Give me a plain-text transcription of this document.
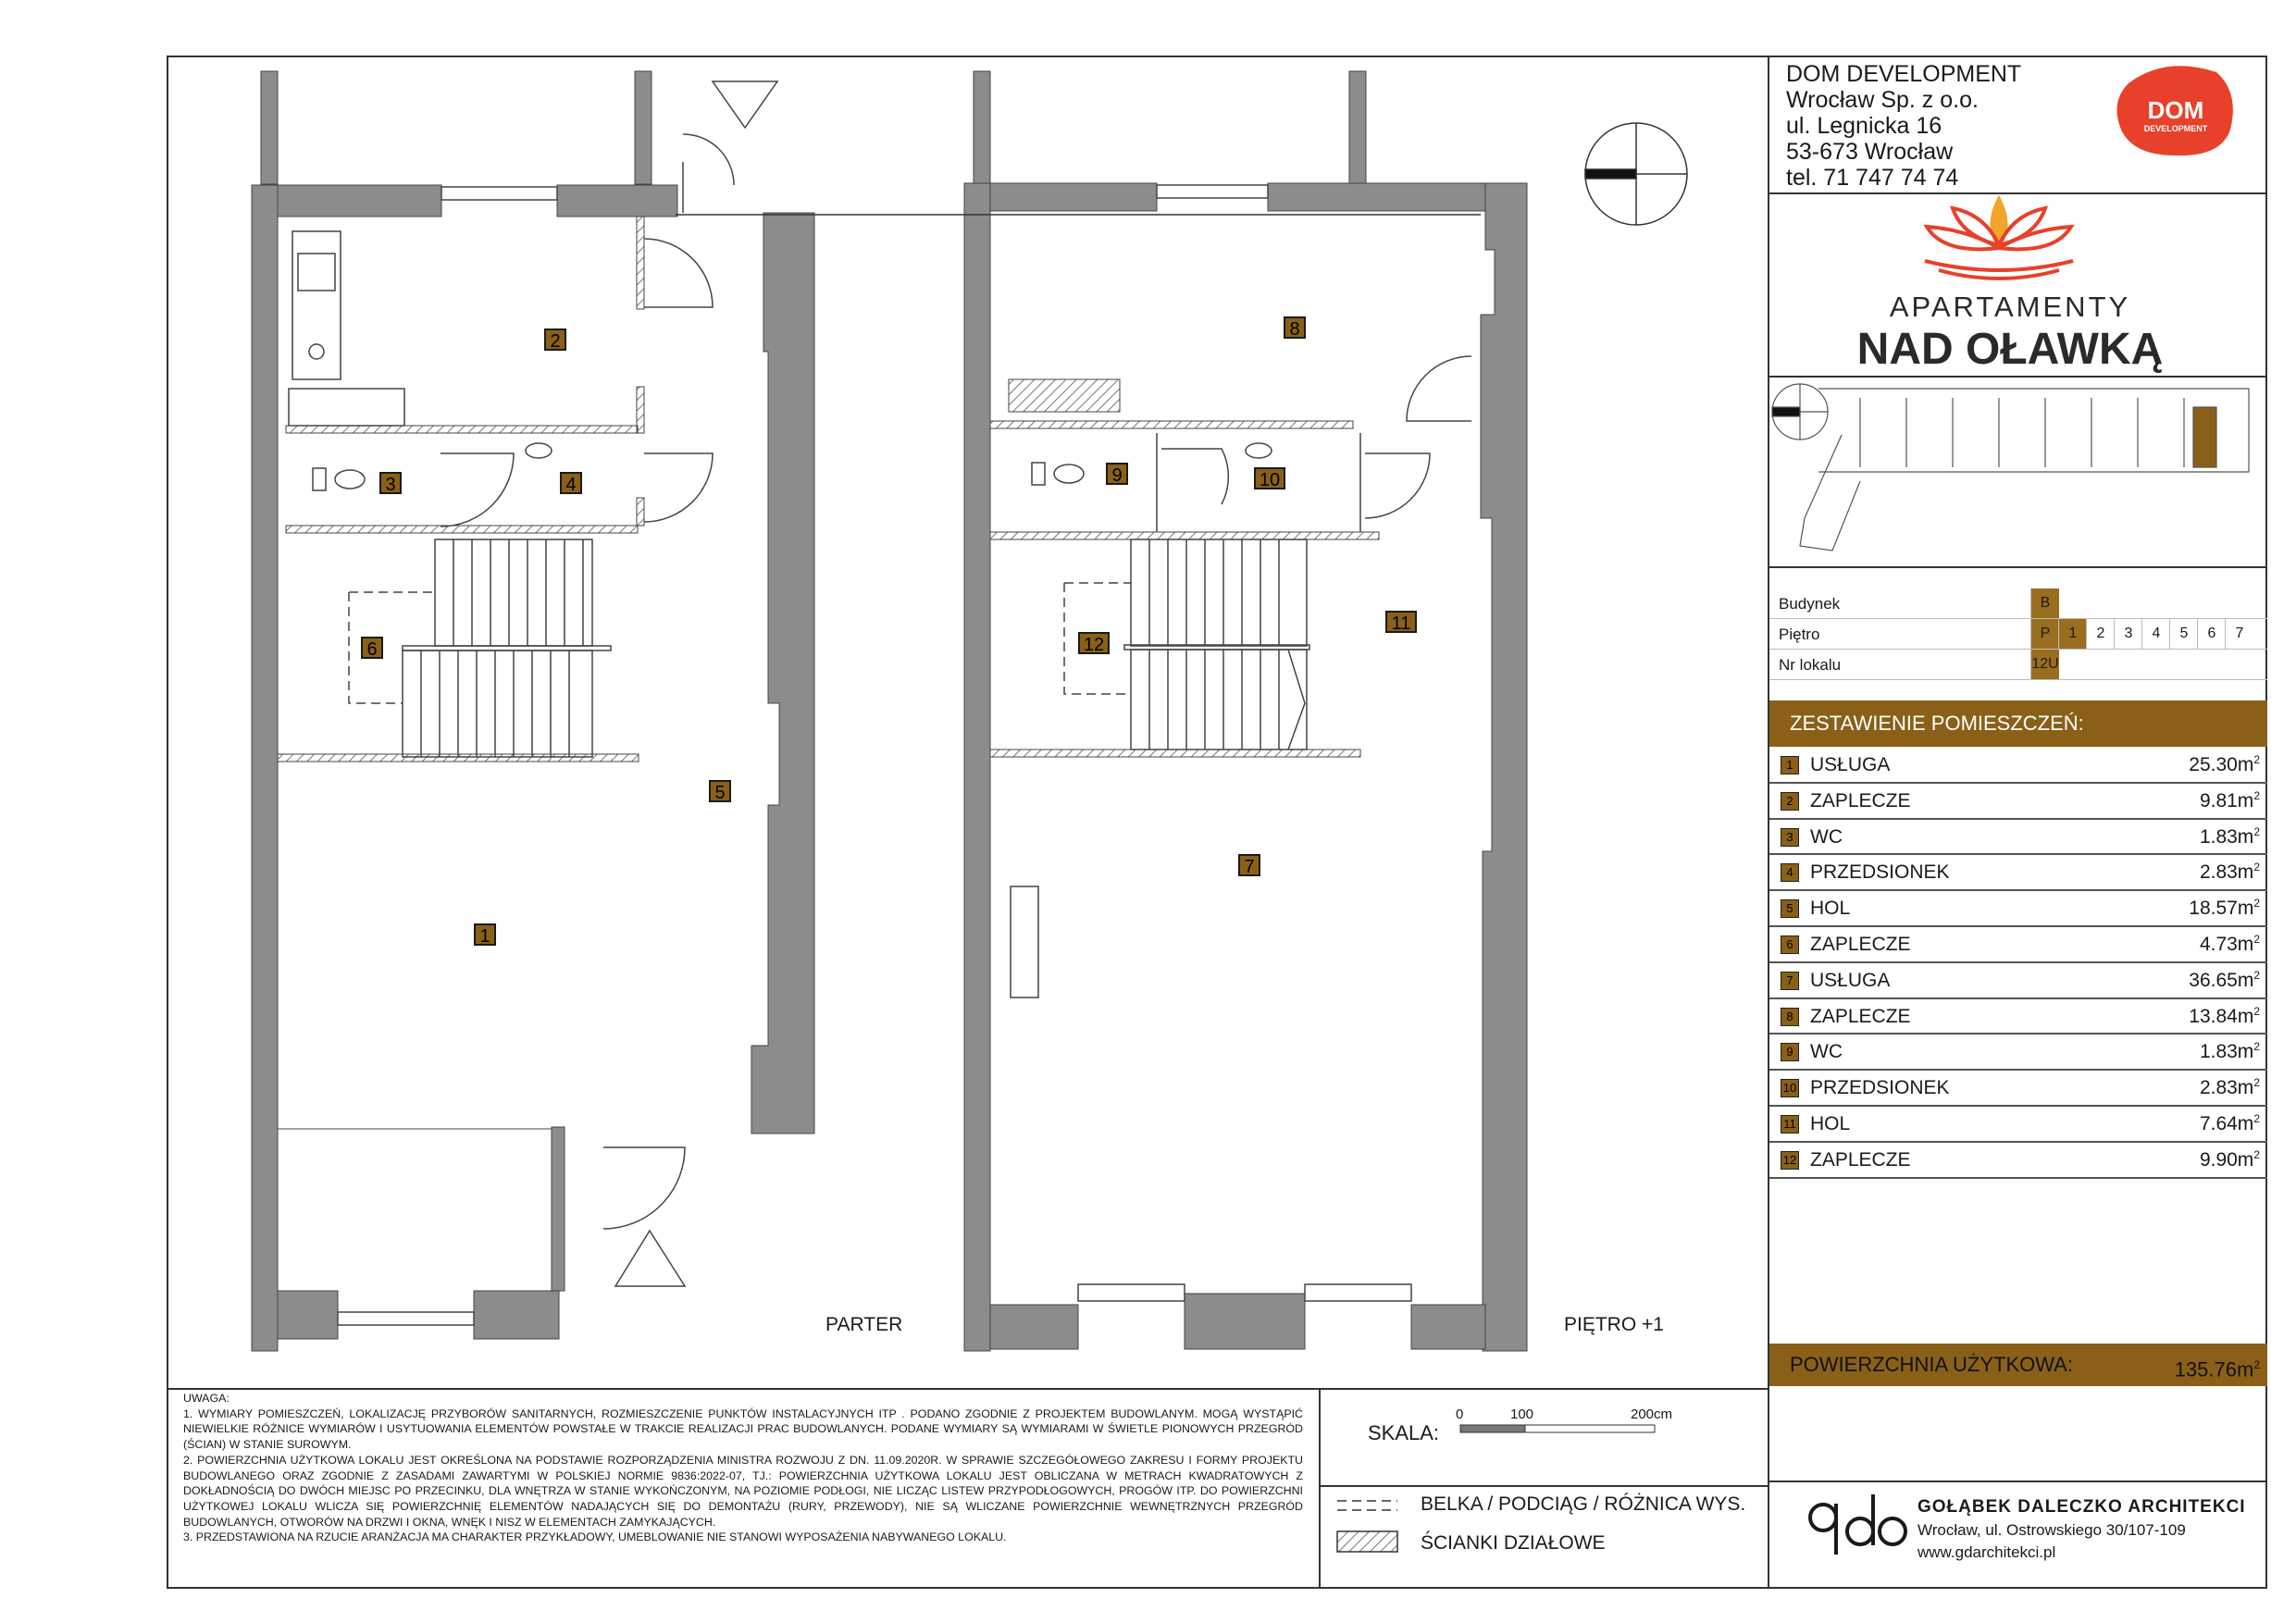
2
3	4
6
5
1
8
9	10
11
12
7
PARTER	PIĘTRO +1
DOM DEVELOPMENT
Wrocław Sp. z o.o.
ul. Legnicka 16
53-673 Wrocław
tel. 71 747 74 74
DOM
DEVELOPMENT
APARTAMENTY
NAD OŁAWKĄ
Budynek	B
Piętro	P	1	2	3	4	5	6	7
Nr lokalu	12U
ZESTAWIENIE POMIESZCZEŃ:
1 USŁUGA	$25.30m^2$
2 ZAPLECZE	$9.81m^2$
3 WC	$1.83m^2$
4 PRZEDSIONEK	$2.83m^2$
5 HOL	$18.57m^2$
6 ZAPLECZE	$4.73m^2$
7 USŁUGA	$36.65m^2$
8 ZAPLECZE	$13.84m^2$
9 WC	$1.83m^2$
10 PRZEDSIONEK	$2.83m^2$
11 HOL	$7.64m^2$
12 ZAPLECZE	$9.90m^2$
POWIERZCHNIA UŻYTKOWA:	$135.76m^2$

UWAGA:

1. WYMIARY POMIESZCZEŃ, LOKALIZACJĘ PRZYBORÓW SANITARNYCH, ROZMIESZCZENIE PUNKTÓW INSTALACYJNYCH ITP . PODANO ZGODNIE Z PROJEKTEM BUDOWLANYM. MOGĄ WYSTĄPIĆ NIEWIELKIE RÓŻNICE WYMIARÓW I USYTUOWANIA ELEMENTÓW POWSTAŁE W TRAKCIE REALIZACJI PRAC BUDOWLANYCH. PODANE WYMIARY SĄ WYMIARAMI W ŚWIETLE PIONOWYCH PRZEGRÓD (ŚCIAN) W STANIE SUROWYM.

2. POWIERZCHNIA UŻYTKOWA LOKALU JEST OKREŚLONA NA PODSTAWIE ROZPORZĄDZENIA MINISTRA ROZWOJU Z DN. 11.09.2020R. W SPRAWIE SZCZEGÓŁOWEGO ZAKRESU I FORMY PROJEKTU BUDOWLANEGO ORAZ ZGODNIE Z ZASADAMI ZAWARTYMI W POLSKIEJ NORMIE 9836:2022-07, TJ.: POWIERZCHNIA UŻYTKOWA LOKALU JEST OBLICZANA W METRACH KWADRATOWYCH Z DOKŁADNOŚCIĄ DO DWÓCH MIEJSC PO PRZECINKU, DLA WNĘTRZA W STANIE WYKOŃCZONYM, NA POZIOMIE PODŁOGI, NIE LICZĄC LISTEW PRZYPODŁOGOWYCH, PROGÓW ITP. DO POWIERZCHNI UŻYTKOWEJ LOKALU WLICZA SIĘ POWIERZCHNIĘ ELEMENTÓW NADAJĄCYCH SIĘ DO DEMONTAŻU (RURY, PRZEWODY), NIE SĄ WLICZANE POWIERZCHNIE WEWNĘTRZNYCH PRZEGRÓD BUDOWLANYCH, OTWORÓW NA DRZWI I OKNA, WNĘK I NISZ W ELEMENTACH ZAMYKAJĄCYCH.

3. PRZEDSTAWIONA NA RZUCIE ARANŻACJA MA CHARAKTER PRZYKŁADOWY, UMEBLOWANIE NIE STANOWI WYPOSAŻENIA NABYWANEGO LOKALU.

SKALA:
0	100	200cm
BELKA / PODCIĄG / RÓŻNICA WYS.
ŚCIANKI DZIAŁOWE
GOŁĄBEK DALECZKO ARCHITEKCI
Wrocław, ul. Ostrowskiego 30/107-109
www.gdarchitekci.pl
